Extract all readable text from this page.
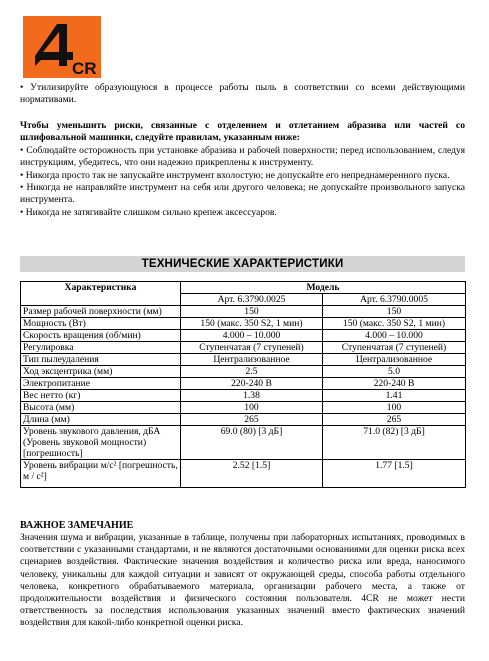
CR

• Утилизируйте образующуюся в процессе работы пыль в соответствии со всеми действующими нормативами.

Чтобы уменьшить риски, связанные с отделением и отлетанием абразива или частей со шлифовальной машинки, следуйте правилам, указанным ниже:

• Соблюдайте осторожность при установке абразива и рабочей поверхности; перед использованием, следуя инструкциям, убедитесь, что они надежно прикреплены к инструменту.

• Никогда просто так не запускайте инструмент вхолостую; не допускайте его непреднамеренного пуска.

• Никогда не направляйте инструмент на себя или другого человека; не допускайте произвольного запуска инструмента.

• Никогда не затягивайте слишком сильно крепеж аксессуаров.

ТЕХНИЧЕСКИЕ ХАРАКТЕРИСТИКИ
Характеристика	Модель	
	Арт. 6.3790.0025	Арт. 6.3790.0005
Размер рабочей поверхности (мм)	150	150
Мощность (Вт)	150 (макс. 350 S2, 1 мин)	150 (макс. 350 S2, 1 мин)
Скорость вращения (об/мин)	4.000 – 10.000	4.000 – 10.000
Регулировка	Ступенчатая (7 ступеней)	Ступенчатая (7 ступеней)
Тип пылеудаления	Централизованное	Централизованное
Ход эксцентрика (мм)	2.5	5.0
Электропитание	220-240 В	220-240 В
Вес нетто (кг)	1.38	1.41
Высота (мм)	100	100
Длина (мм)	265	265
Уровень звукового давления, дБА (Уровень звуковой мощности) [погрешность]	69.0 (80) [3 дБ]	71.0 (82) [3 дБ]
Уровень вибрации м/с² [погрешность, м / с²]	2.52 [1.5]	1.77 [1.5]
ВАЖНОЕ ЗАМЕЧАНИЕ
Значения шума и вибрации, указанные в таблице, получены при лабораторных испытаниях, проводимых в соответствии с указанными стандартами, и не являются достаточными основаниями для оценки риска всех сценариев воздействия. Фактические значения воздействия и количество риска или вреда, наносимого человеку, уникальны для каждой ситуации и зависят от окружающей среды, способа работы отдельного человека, конкретного обрабатываемого материала, организации рабочего места, а также от продолжительности воздействия и физического состояния пользователя. 4CR не может нести ответственность за последствия использования указанных значений вместо фактических значений воздействия для какой-либо конкретной оценки риска.
